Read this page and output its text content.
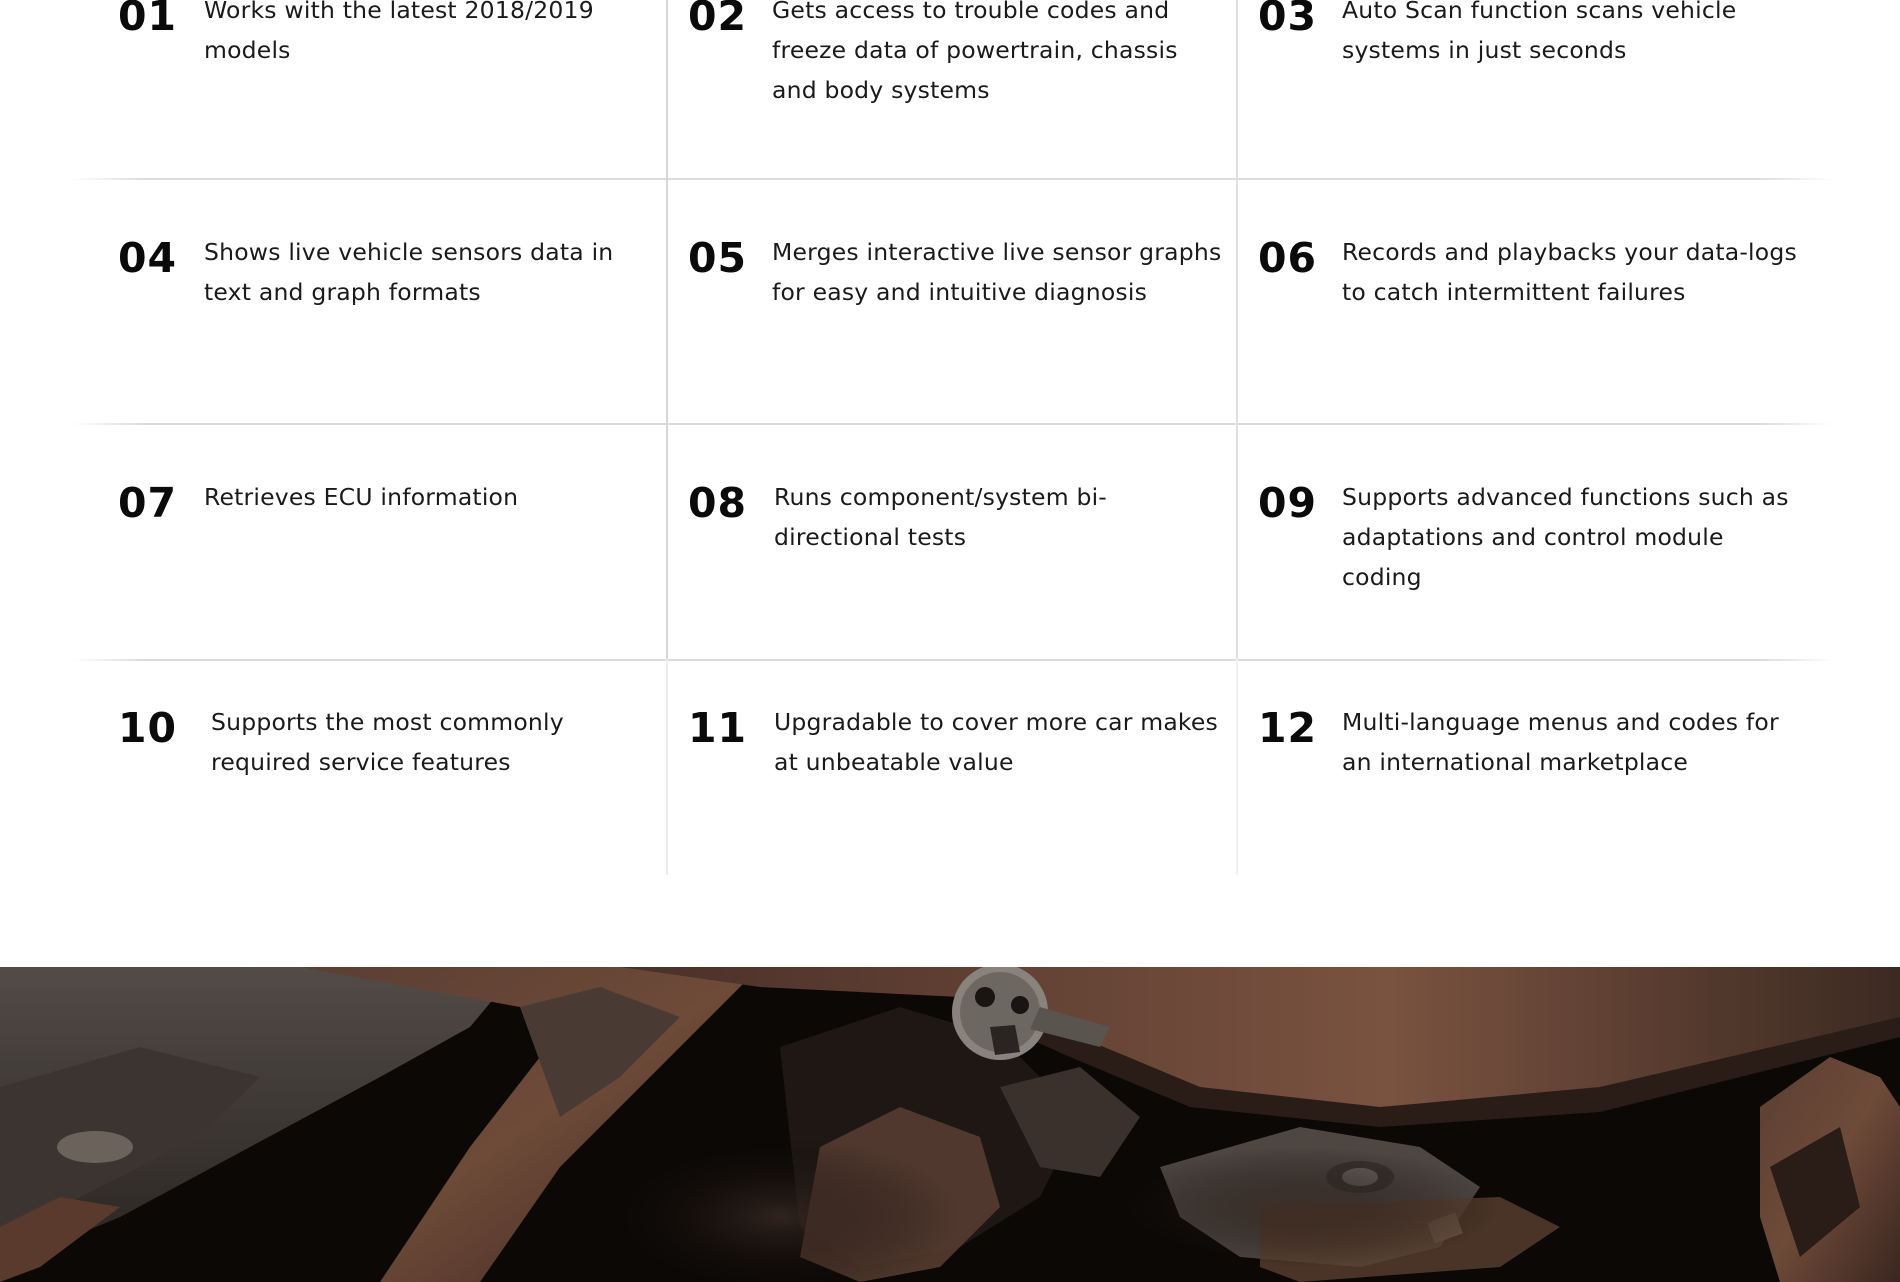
01 Works with the latest 2018/2019 models
02 Gets access to trouble codes and freeze data of powertrain, chassis and body systems
03 Auto Scan function scans vehicle systems in just seconds
04 Shows live vehicle sensors data in text and graph formats
05 Merges interactive live sensor graphs for easy and intuitive diagnosis
06 Records and playbacks your data-logs to catch intermittent failures
07 Retrieves ECU information	08 Runs component/system bi-directional tests
09 Supports advanced functions such as adaptations and control module coding
10 Supports the most commonly required service features
11 Upgradable to cover more car makes at unbeatable value
12 Multi-language menus and codes for an international marketplace
